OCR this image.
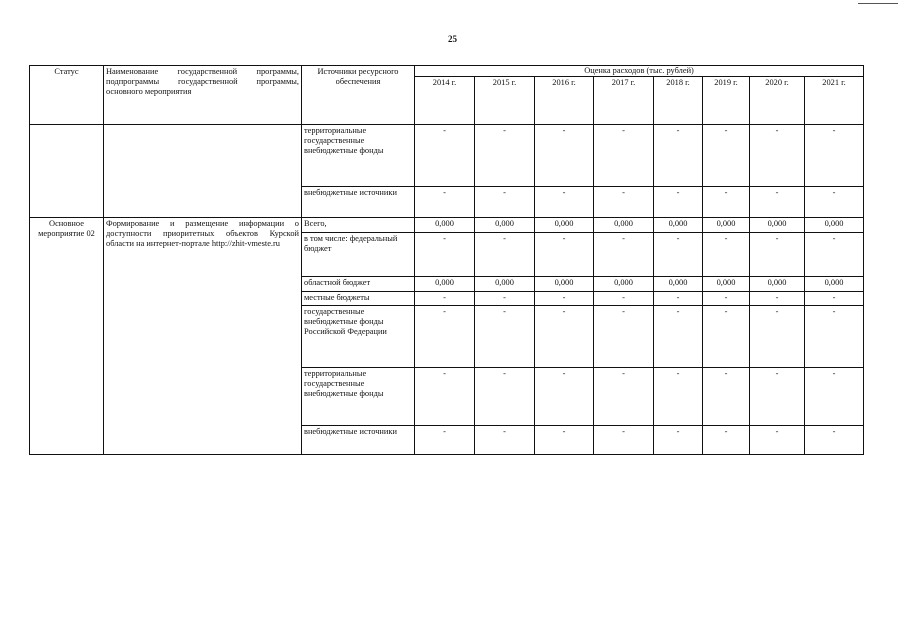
25
Статус	Наименование государственной программы, подпрограммы государственной программы, основного мероприятия	Источники ресурсного обеспечения	Оценка расходов (тыс. рублей)							
			2014 г.	2015 г.	2016 г.	2017 г.	2018 г.	2019 г.	2020 г.	2021 г.
		территориальные государственные внебюджетные фонды	-	-	-	-	-	-	-	-
		внебюджетные источники	-	-	-	-	-	-	-	-
Основное мероприятие 02	Формирование и размещение информации о доступности приоритетных объектов Курской области на интернет-портале http://zhit-vmeste.ru	Всего,	0,000	0,000	0,000	0,000	0,000	0,000	0,000	0,000
		в том числе: федеральный бюджет	-	-	-	-	-	-	-	-
		областной бюджет	0,000	0,000	0,000	0,000	0,000	0,000	0,000	0,000
		местные бюджеты	-	-	-	-	-	-	-	-
		государственные внебюджетные фонды Российской Федерации	-	-	-	-	-	-	-	-
		территориальные государственные внебюджетные фонды	-	-	-	-	-	-	-	-
		внебюджетные источники	-	-	-	-	-	-	-	-
